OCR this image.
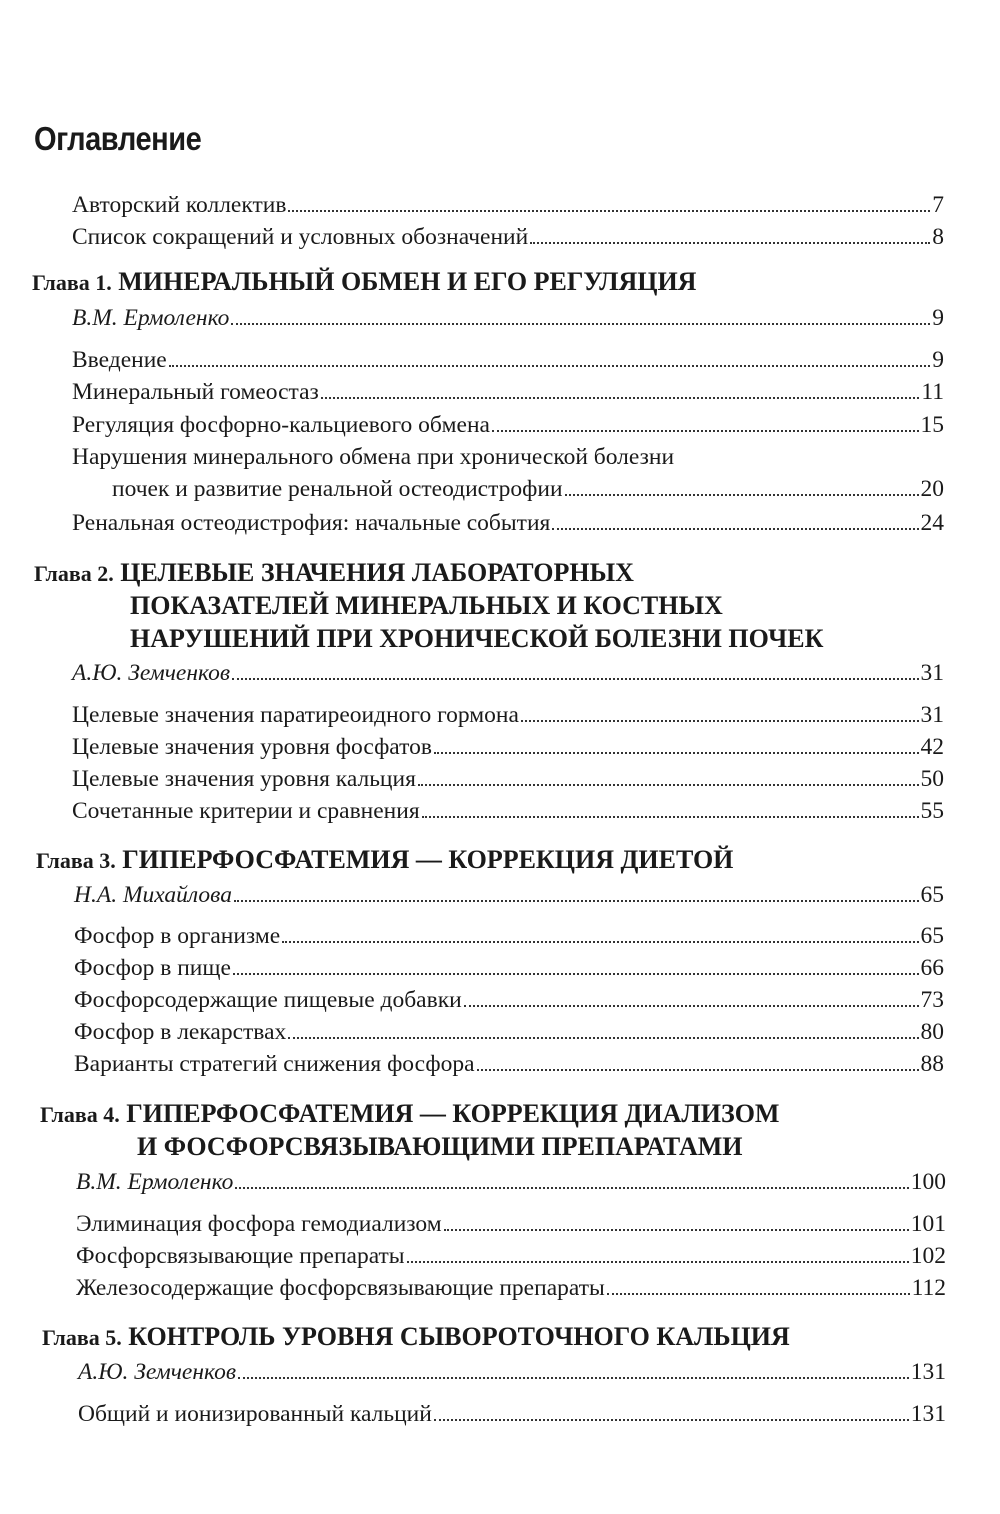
Оглавление
Авторский коллектив	7
Список сокращений и условных обозначений	8
Глава 1. МИНЕРАЛЬНЫЙ ОБМЕН И ЕГО РЕГУЛЯЦИЯ
В.М. Ермоленко	9
Введение	9
Минеральный гомеостаз	11
Регуляция фосфорно-кальциевого обмена	15
Нарушения минерального обмена при хронической болезни
почек и развитие ренальной остеодистрофии	20
Ренальная остеодистрофия: начальные события	24
Глава 2. ЦЕЛЕВЫЕ ЗНАЧЕНИЯ ЛАБОРАТОРНЫХ
ПОКАЗАТЕЛЕЙ МИНЕРАЛЬНЫХ И КОСТНЫХ
НАРУШЕНИЙ ПРИ ХРОНИЧЕСКОЙ БОЛЕЗНИ ПОЧЕК
А.Ю. Земченков	31
Целевые значения паратиреоидного гормона	31
Целевые значения уровня фосфатов	42
Целевые значения уровня кальция	50
Сочетанные критерии и сравнения	55
Глава 3. ГИПЕРФОСФАТЕМИЯ — КОРРЕКЦИЯ ДИЕТОЙ
Н.А. Михайлова	65
Фосфор в организме	65
Фосфор в пище	66
Фосфорсодержащие пищевые добавки	73
Фосфор в лекарствах	80
Варианты стратегий снижения фосфора	88
Глава 4. ГИПЕРФОСФАТЕМИЯ — КОРРЕКЦИЯ ДИАЛИЗОМ
И ФОСФОРСВЯЗЫВАЮЩИМИ ПРЕПАРАТАМИ
В.М. Ермоленко	100
Элиминация фосфора гемодиализом	101
Фосфорсвязывающие препараты	102
Железосодержащие фосфорсвязывающие препараты	112
Глава 5. КОНТРОЛЬ УРОВНЯ СЫВОРОТОЧНОГО КАЛЬЦИЯ
А.Ю. Земченков	131
Общий и ионизированный кальций	131
